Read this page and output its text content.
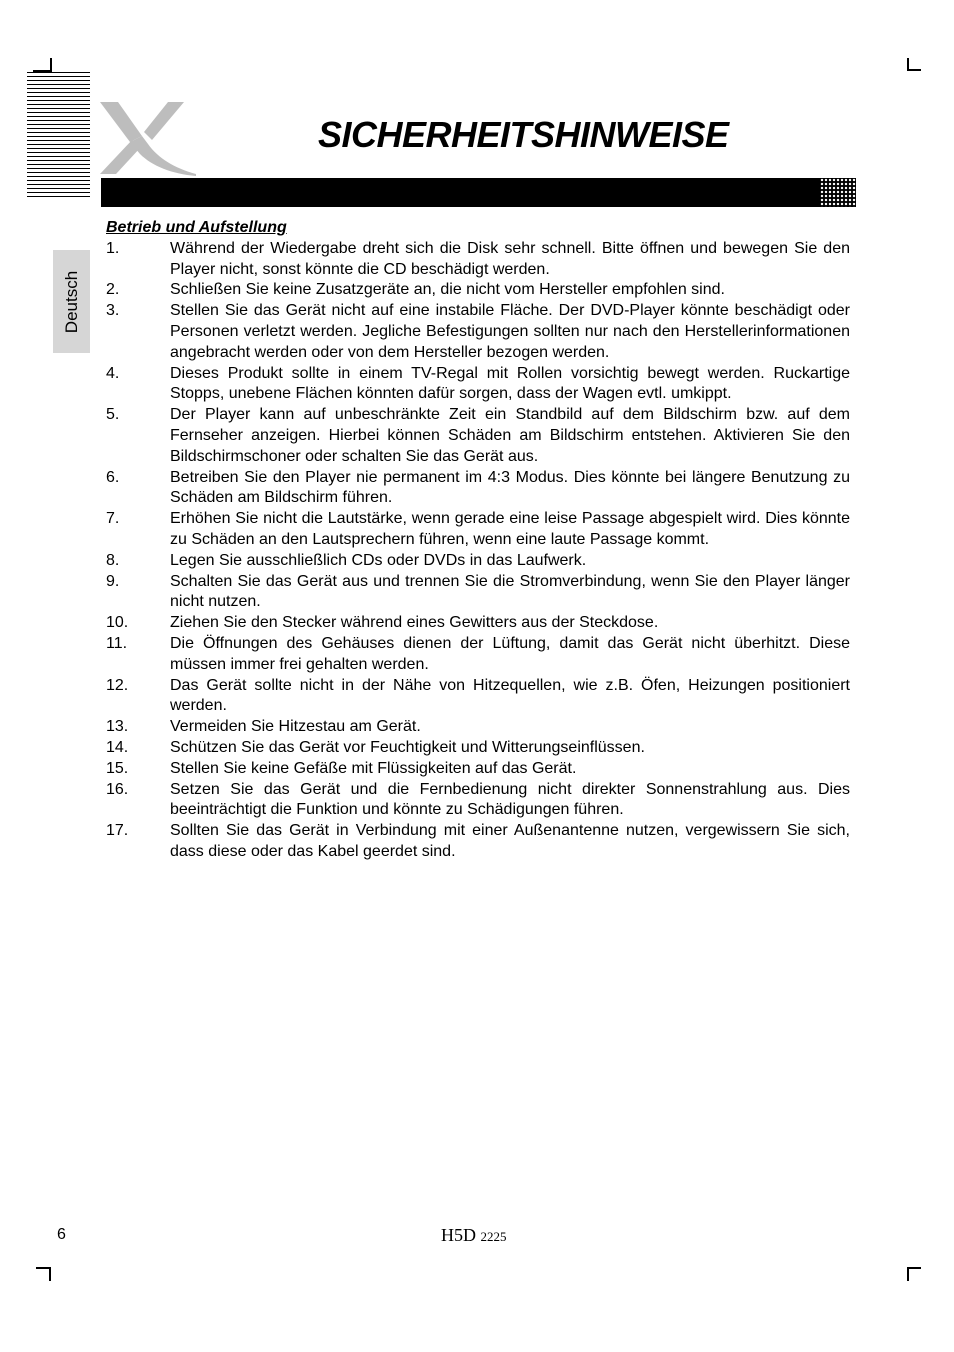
SICHERHEITSHINWEISE
Deutsch
Betrieb und Aufstellung
1.	Während der Wiedergabe dreht sich die Disk sehr schnell. Bitte öffnen und bewegen Sie den Player nicht, sonst könnte die CD beschädigt werden.
2.	Schließen Sie keine Zusatzgeräte an, die nicht vom Hersteller empfohlen sind.
3.	Stellen Sie das Gerät nicht auf eine instabile Fläche. Der DVD-Player könnte beschädigt oder Personen verletzt werden. Jegliche Befestigungen sollten nur nach den Herstellerinformationen angebracht werden oder von dem Hersteller bezogen werden.
4.	Dieses Produkt sollte in einem TV-Regal mit Rollen vorsichtig bewegt werden. Ruckartige Stopps, unebene Flächen könnten dafür sorgen, dass der Wagen evtl. umkippt.
5.	Der Player kann auf unbeschränkte Zeit ein Standbild auf dem Bildschirm bzw. auf dem Fernseher anzeigen. Hierbei können Schäden am Bildschirm entstehen. Aktivieren Sie den Bildschirmschoner oder schalten Sie das Gerät aus.
6.	Betreiben Sie den Player nie permanent im 4:3 Modus. Dies könnte bei längere Benutzung zu Schäden am Bildschirm führen.
7.	Erhöhen Sie nicht die Lautstärke, wenn gerade eine leise Passage abgespielt wird. Dies könnte zu Schäden an den Lautsprechern führen, wenn eine laute Passage kommt.
8.	Legen Sie ausschließlich CDs oder DVDs in das Laufwerk.
9.	Schalten Sie das Gerät aus und trennen Sie die Stromverbindung, wenn Sie den Player länger nicht nutzen.
10.	Ziehen Sie den Stecker während eines Gewitters aus der Steckdose.
11.	Die Öffnungen des Gehäuses dienen der Lüftung, damit das Gerät nicht überhitzt. Diese müssen immer frei gehalten werden.
12.	Das Gerät sollte nicht in der Nähe von Hitzequellen, wie z.B. Öfen, Heizungen positioniert werden.
13.	Vermeiden Sie Hitzestau am Gerät.
14.	Schützen Sie das Gerät vor Feuchtigkeit und Witterungseinflüssen.
15.	Stellen Sie keine Gefäße mit Flüssigkeiten auf das Gerät.
16.	Setzen Sie das Gerät und die Fernbedienung nicht direkter Sonnenstrahlung aus. Dies beeinträchtigt die Funktion und könnte zu Schädigungen führen.
17.	Sollten Sie das Gerät in Verbindung mit einer Außenantenne nutzen, vergewissern Sie sich, dass diese oder das Kabel geerdet sind.
6	H5D 2225
